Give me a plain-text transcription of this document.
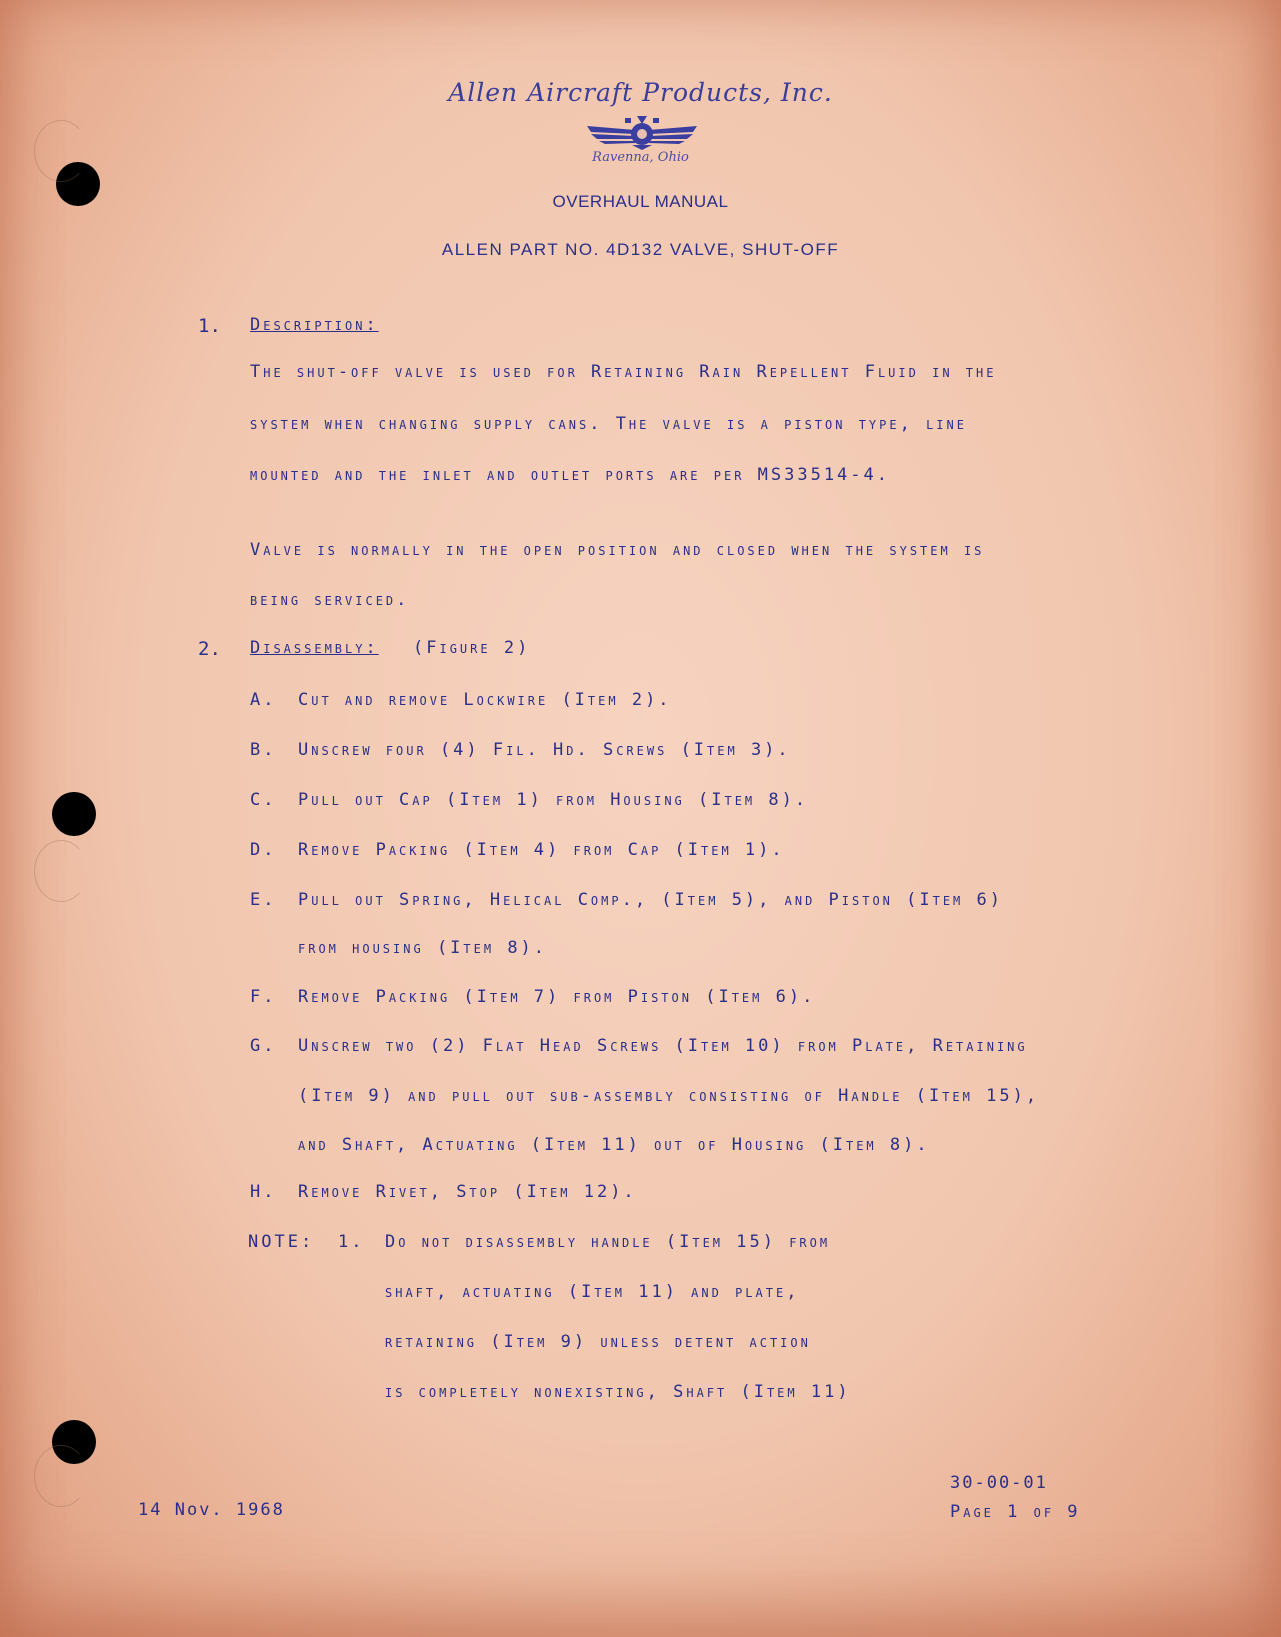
Allen Aircraft Products, Inc.
Ravenna, Ohio
OVERHAUL MANUAL
ALLEN PART NO. 4D132 VALVE, SHUT-OFF
1. Description:
The shut-off valve is used for Retaining Rain Repellent Fluid in the
system when changing supply cans. The valve is a piston type, line
mounted and the inlet and outlet ports are per MS33514-4.
Valve is normally in the open position and closed when the system is
being serviced.
2. Disassembly: (Figure 2)
A. Cut and remove Lockwire (Item 2).
B. Unscrew four (4) Fil. Hd. Screws (Item 3).
C. Pull out Cap (Item 1) from Housing (Item 8).
D. Remove Packing (Item 4) from Cap (Item 1).
E. Pull out Spring, Helical Comp., (Item 5), and Piston (Item 6)
from housing (Item 8).
F. Remove Packing (Item 7) from Piston (Item 6).
G. Unscrew two (2) Flat Head Screws (Item 10) from Plate, Retaining
(Item 9) and pull out sub-assembly consisting of Handle (Item 15),
and Shaft, Actuating (Item 11) out of Housing (Item 8).
H. Remove Rivet, Stop (Item 12).
NOTE: 1. Do not disassembly handle (Item 15) from
shaft, actuating (Item 11) and plate,
retaining (Item 9) unless detent action
is completely nonexisting, Shaft (Item 11)
14 Nov. 1968
30-00-01
Page 1 of 9
